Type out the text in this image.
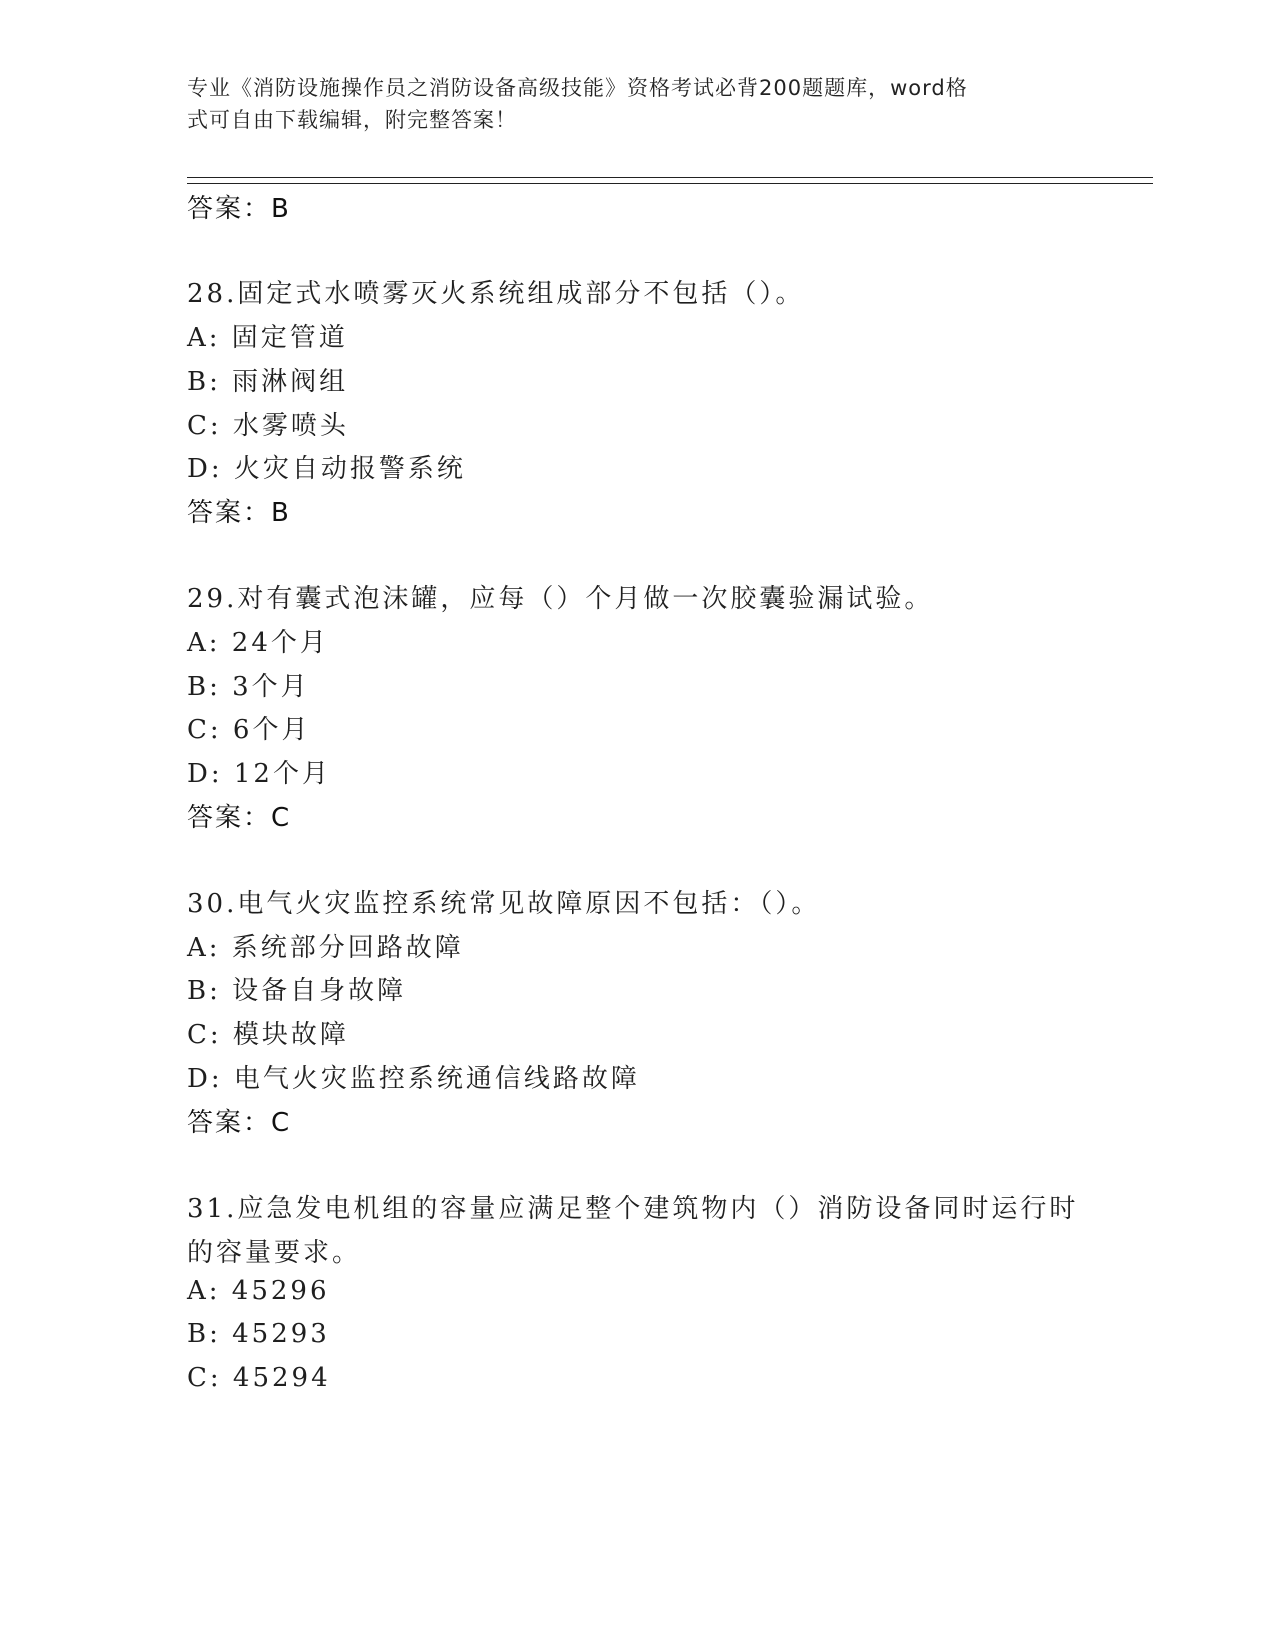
专业《消防设施操作员之消防设备高级技能》资格考试必背200题题库，word格
式可自由下载编辑，附完整答案！
答案：B
28.固定式水喷雾灭火系统组成部分不包括（）。
A: 固定管道
B: 雨淋阀组
C: 水雾喷头
D: 火灾自动报警系统
答案：B
29.对有囊式泡沫罐，应每（）个月做一次胶囊验漏试验。
A: 24个月
B: 3个月
C: 6个月
D: 12个月
答案：C
30.电气火灾监控系统常见故障原因不包括：（）。
A: 系统部分回路故障
B: 设备自身故障
C: 模块故障
D: 电气火灾监控系统通信线路故障
答案：C
31.应急发电机组的容量应满足整个建筑物内（）消防设备同时运行时
的容量要求。
A: 45296
B: 45293
C: 45294
